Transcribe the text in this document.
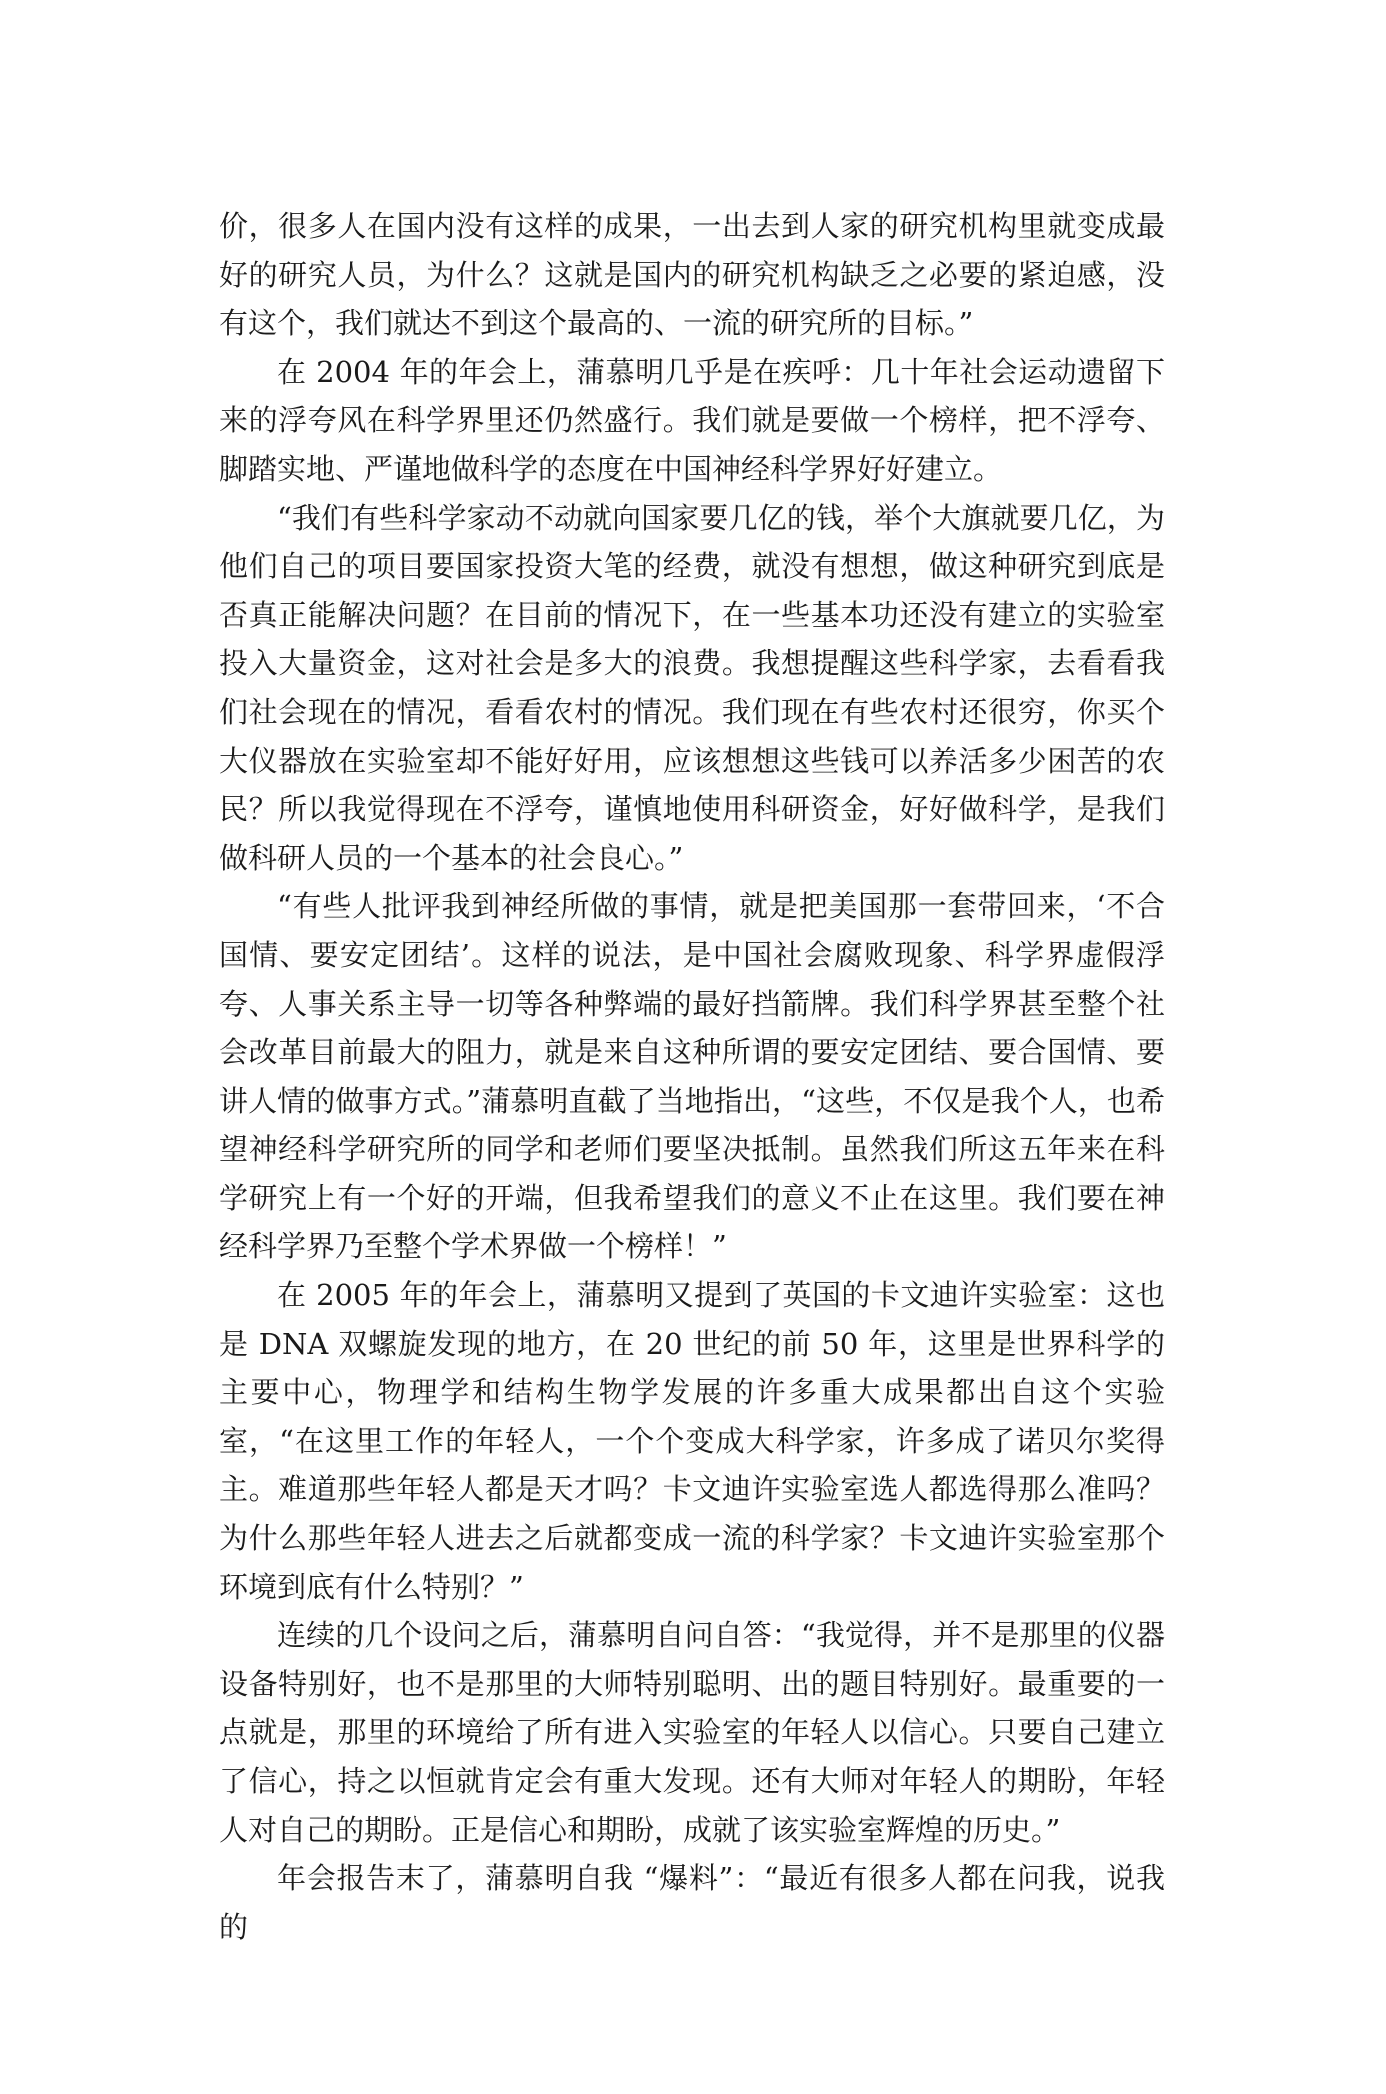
价，很多人在国内没有这样的成果，一出去到人家的研究机构里就变成最好的研究人员，为什么？这就是国内的研究机构缺乏之必要的紧迫感，没有这个，我们就达不到这个最高的、一流的研究所的目标。”

在 2004 年的年会上，蒲慕明几乎是在疾呼：几十年社会运动遗留下来的浮夸风在科学界里还仍然盛行。我们就是要做一个榜样，把不浮夸、脚踏实地、严谨地做科学的态度在中国神经科学界好好建立。

“我们有些科学家动不动就向国家要几亿的钱，举个大旗就要几亿，为他们自己的项目要国家投资大笔的经费，就没有想想，做这种研究到底是否真正能解决问题？在目前的情况下，在一些基本功还没有建立的实验室投入大量资金，这对社会是多大的浪费。我想提醒这些科学家，去看看我们社会现在的情况，看看农村的情况。我们现在有些农村还很穷，你买个大仪器放在实验室却不能好好用，应该想想这些钱可以养活多少困苦的农民？所以我觉得现在不浮夸，谨慎地使用科研资金，好好做科学，是我们做科研人员的一个基本的社会良心。”

“有些人批评我到神经所做的事情，就是把美国那一套带回来，‘不合国情、要安定团结’。这样的说法，是中国社会腐败现象、科学界虚假浮夸、人事关系主导一切等各种弊端的最好挡箭牌。我们科学界甚至整个社会改革目前最大的阻力，就是来自这种所谓的要安定团结、要合国情、要讲人情的做事方式。”蒲慕明直截了当地指出，“这些，不仅是我个人，也希望神经科学研究所的同学和老师们要坚决抵制。虽然我们所这五年来在科学研究上有一个好的开端，但我希望我们的意义不止在这里。我们要在神经科学界乃至整个学术界做一个榜样！”

在 2005 年的年会上，蒲慕明又提到了英国的卡文迪许实验室：这也是 DNA 双螺旋发现的地方，在 20 世纪的前 50 年，这里是世界科学的主要中心，物理学和结构生物学发展的许多重大成果都出自这个实验室，“在这里工作的年轻人，一个个变成大科学家，许多成了诺贝尔奖得主。难道那些年轻人都是天才吗？卡文迪许实验室选人都选得那么准吗？为什么那些年轻人进去之后就都变成一流的科学家？卡文迪许实验室那个环境到底有什么特别？”

连续的几个设问之后，蒲慕明自问自答：“我觉得，并不是那里的仪器设备特别好，也不是那里的大师特别聪明、出的题目特别好。最重要的一点就是，那里的环境给了所有进入实验室的年轻人以信心。只要自己建立了信心，持之以恒就肯定会有重大发现。还有大师对年轻人的期盼，年轻人对自己的期盼。正是信心和期盼，成就了该实验室辉煌的历史。”

年会报告末了，蒲慕明自我 “爆料”：“最近有很多人都在问我，说我的
